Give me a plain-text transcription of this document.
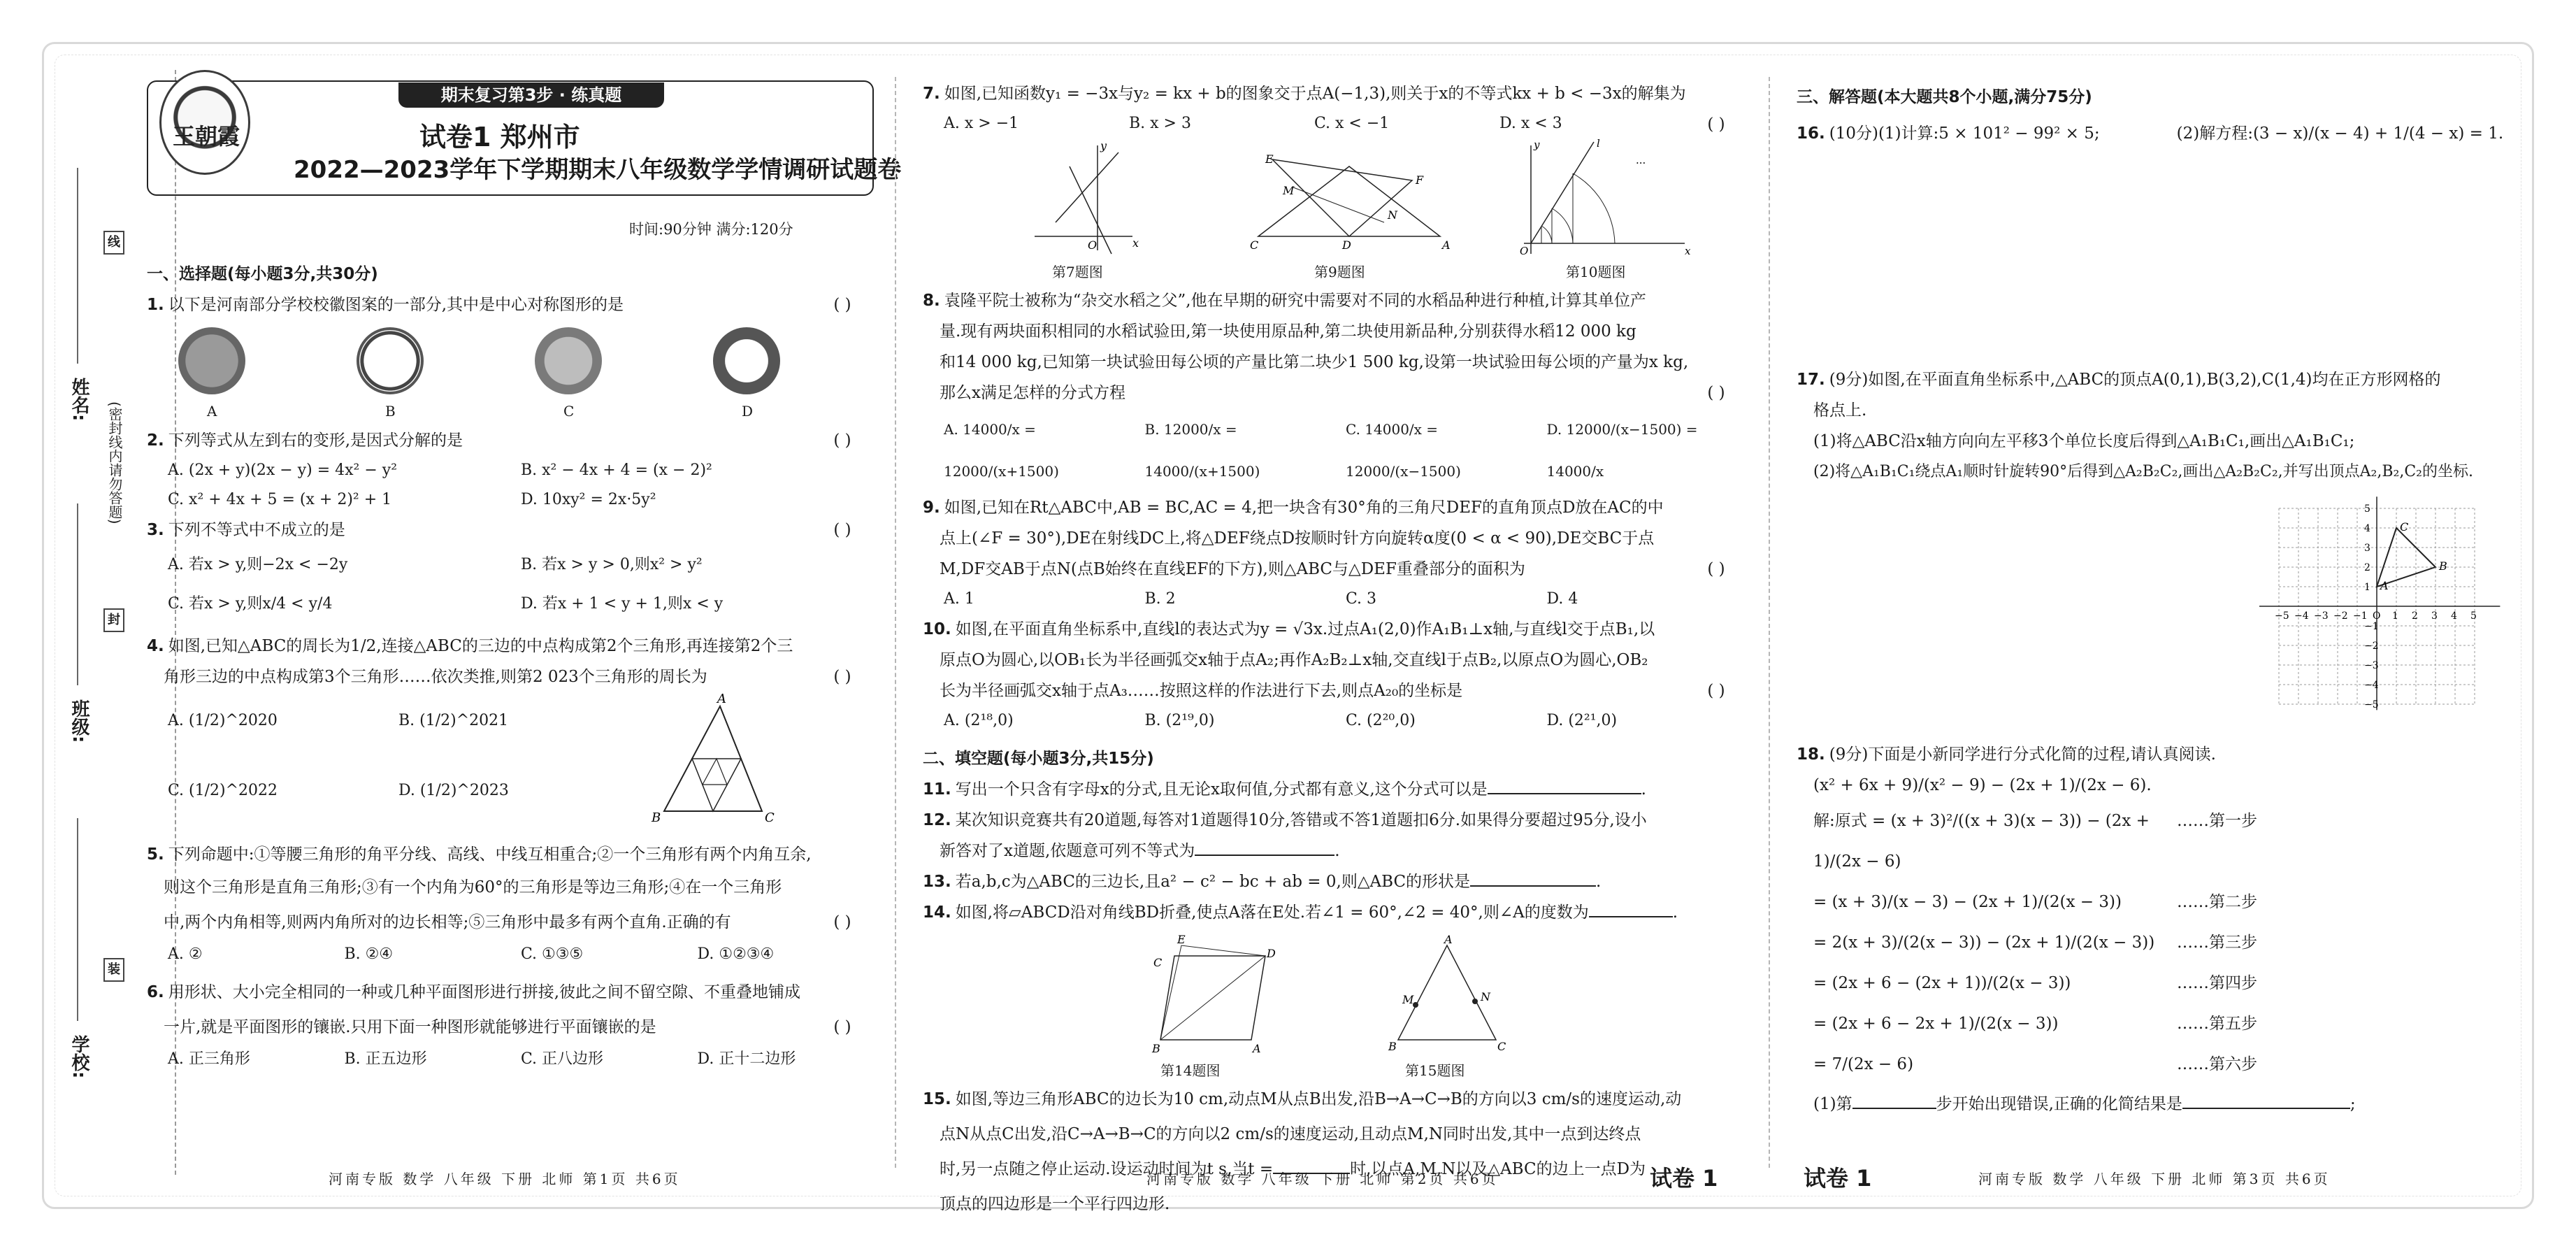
姓名:
班级:
学校:
线
封
装
(密封线内请勿答题)
期末复习第3步 · 练真题
王朝霞	试卷1 郑州市
2022—2023学年下学期期末八年级数学学情调研试题卷
时间:90分钟 满分:120分
一、选择题(每小题3分,共30分)
1. 以下是河南部分学校校徽图案的一部分,其中是中心对称图形的是	( )
A	B	C	D
2. 下列等式从左到右的变形,是因式分解的是	( )
A. (2x + y)(2x − y) = 4x² − y²	B. x² − 4x + 4 = (x − 2)²
C. x² + 4x + 5 = (x + 2)² + 1	D. 10xy² = 2x·5y²
3. 下列不等式中不成立的是	( )
A. 若x > y,则−2x < −2y	B. 若x > y > 0,则x² > y²
C. 若x > y,则x/4 < y/4	D. 若x + 1 < y + 1,则x < y
4. 如图,已知△ABC的周长为1/2,连接△ABC的三边的中点构成第2个三角形,再连接第2个三
角形三边的中点构成第3个三角形……依次类推,则第2 023个三角形的周长为	( )
A. (1/2)^2020	B. (1/2)^2021
C. (1/2)^2022	D. (1/2)^2023
A
B	C
5. 下列命题中:①等腰三角形的角平分线、高线、中线互相重合;②一个三角形有两个内角互余,
则这个三角形是直角三角形;③有一个内角为60°的三角形是等边三角形;④在一个三角形
中,两个内角相等,则两内角所对的边长相等;⑤三角形中最多有两个直角.正确的有	( )
A. ②	B. ②④	C. ①③⑤	D. ①②③④
6. 用形状、大小完全相同的一种或几种平面图形进行拼接,彼此之间不留空隙、不重叠地铺成
一片,就是平面图形的镶嵌.只用下面一种图形就能够进行平面镶嵌的是	( )
A. 正三角形	B. 正五边形	C. 正八边形	D. 正十二边形
河南专版 数学 八年级 下册 北师 第1页 共6页
7. 如图,已知函数y₁ = −3x与y₂ = kx + b的图象交于点A(−1,3),则关于x的不等式kx + b < −3x的解集为
( )
A. x > −1	B. x > 3	C. x < −1	D. x < 3
O	x
y
第7题图
E
F
C	D	A
M
N
第9题图
O	x
y	l
···
第10题图
8. 袁隆平院士被称为“杂交水稻之父”,他在早期的研究中需要对不同的水稻品种进行种植,计算其单位产
量.现有两块面积相同的水稻试验田,第一块使用原品种,第二块使用新品种,分别获得水稻12 000 kg
和14 000 kg,已知第一块试验田每公顷的产量比第二块少1 500 kg,设第一块试验田每公顷的产量为x kg,
那么x满足怎样的分式方程	( )
A. 14000/x = 12000/(x+1500)
B. 12000/x = 14000/(x+1500)
C. 14000/x = 12000/(x−1500)
D. 12000/(x−1500) = 14000/x
9. 如图,已知在Rt△ABC中,AB = BC,AC = 4,把一块含有30°角的三角尺DEF的直角顶点D放在AC的中
点上(∠F = 30°),DE在射线DC上,将△DEF绕点D按顺时针方向旋转α度(0 < α < 90),DE交BC于点
M,DF交AB于点N(点B始终在直线EF的下方),则△ABC与△DEF重叠部分的面积为	( )
A. 1	B. 2	C. 3	D. 4
10. 如图,在平面直角坐标系中,直线l的表达式为y = √3x.过点A₁(2,0)作A₁B₁⊥x轴,与直线l交于点B₁,以
原点O为圆心,以OB₁长为半径画弧交x轴于点A₂;再作A₂B₂⊥x轴,交直线l于点B₂,以原点O为圆心,OB₂
长为半径画弧交x轴于点A₃……按照这样的作法进行下去,则点A₂₀的坐标是	( )
A. (2¹⁸,0)	B. (2¹⁹,0)	C. (2²⁰,0)	D. (2²¹,0)
二、填空题(每小题3分,共15分)
11. 写出一个只含有字母x的分式,且无论x取何值,分式都有意义,这个分式可以是	.
12. 某次知识竞赛共有20道题,每答对1道题得10分,答错或不答1道题扣6分.如果得分要超过95分,设小
新答对了x道题,依题意可列不等式为	.
13. 若a,b,c为△ABC的三边长,且a² − c² − bc + ab = 0,则△ABC的形状是	.
14. 如图,将▱ABCD沿对角线BD折叠,使点A落在E处.若∠1 = 60°,∠2 = 40°,则∠A的度数为	.
E
C
D
B	A
第14题图
A
B	C
M	N
第15题图
15. 如图,等边三角形ABC的边长为10 cm,动点M从点B出发,沿B→A→C→B的方向以3 cm/s的速度运动,动
点N从点C出发,沿C→A→B→C的方向以2 cm/s的速度运动,且动点M,N同时出发,其中一点到达终点
时,另一点随之停止运动.设运动时间为t s,当t =	时,以点A,M,N以及△ABC的边上一点D为
顶点的四边形是一个平行四边形.
河南专版 数学 八年级 下册 北师 第2页 共6页	试卷 1
三、解答题(本大题共8个小题,满分75分)
16. (10分)(1)计算:5 × 101² − 99² × 5;	(2)解方程:(3 − x)/(x − 4) + 1/(4 − x) = 1.
17. (9分)如图,在平面直角坐标系中,△ABC的顶点A(0,1),B(3,2),C(1,4)均在正方形网格的
格点上.
(1)将△ABC沿x轴方向向左平移3个单位长度后得到△A₁B₁C₁,画出△A₁B₁C₁;
(2)将△A₁B₁C₁绕点A₁顺时针旋转90°后得到△A₂B₂C₂,画出△A₂B₂C₂,并写出顶点A₂,B₂,C₂的坐标.
−5 −4 −3 −2 −1 O 1 2 3 4 5
5
4
3
2
1
−1
−2
−3
−4
−5
A
B
C
18. (9分)下面是小新同学进行分式化简的过程,请认真阅读.
(x² + 6x + 9)/(x² − 9) − (2x + 1)/(2x − 6).
解:原式 = (x + 3)²/((x + 3)(x − 3)) − (2x + 1)/(2x − 6)
……第一步
= (x + 3)/(x − 3) − (2x + 1)/(2(x − 3))	……第二步
= 2(x + 3)/(2(x − 3)) − (2x + 1)/(2(x − 3))	……第三步
= (2x + 6 − (2x + 1))/(2(x − 3))	……第四步
= (2x + 6 − 2x + 1)/(2(x − 3))	……第五步
= 7/(2x − 6)	……第六步
(1)第	步开始出现错误,正确的化简结果是	;
试卷 1	河南专版 数学 八年级 下册 北师 第3页 共6页
